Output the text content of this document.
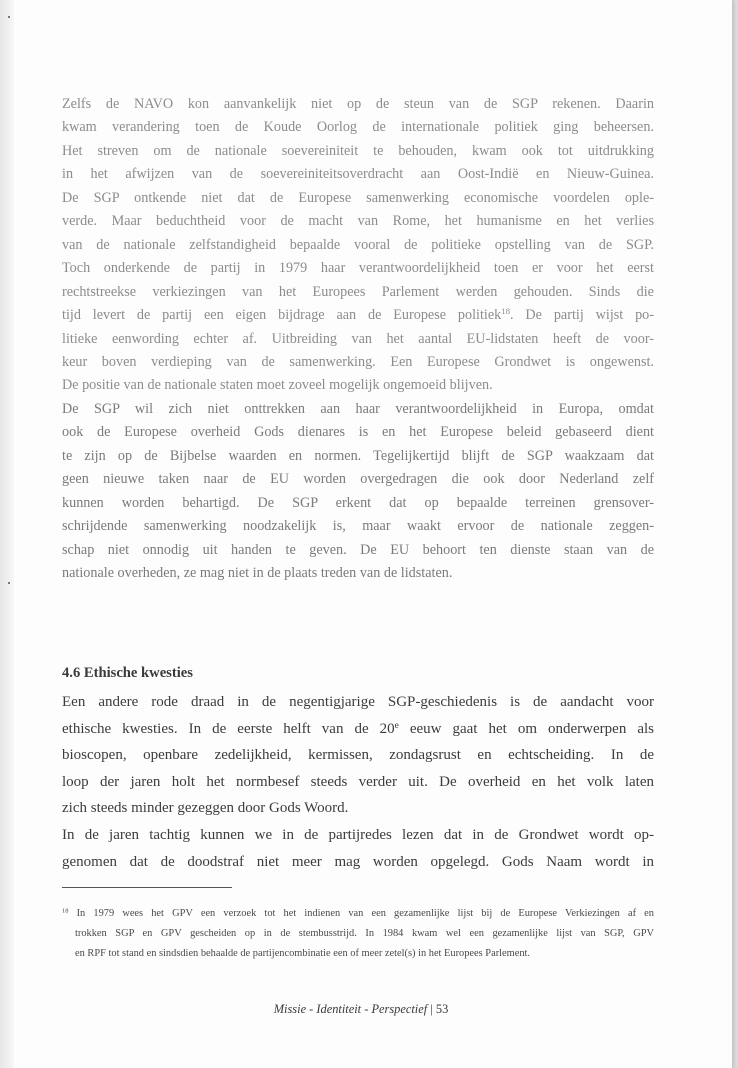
Zelfs de NAVO kon aanvankelijk niet op de steun van de SGP rekenen. Daarin
kwam verandering toen de Koude Oorlog de internationale politiek ging beheersen.
Het streven om de nationale soevereiniteit te behouden, kwam ook tot uitdrukking
in het afwijzen van de soevereiniteitsoverdracht aan Oost-Indië en Nieuw-Guinea.
De SGP ontkende niet dat de Europese samenwerking economische voordelen ople-
verde. Maar beduchtheid voor de macht van Rome, het humanisme en het verlies
van de nationale zelfstandigheid bepaalde vooral de politieke opstelling van de SGP.
Toch onderkende de partij in 1979 haar verantwoordelijkheid toen er voor het eerst
rechtstreekse verkiezingen van het Europees Parlement werden gehouden. Sinds die
tijd levert de partij een eigen bijdrage aan de Europese politiek$^{18}$. De partij wijst po-
litieke eenwording echter af. Uitbreiding van het aantal EU-lidstaten heeft de voor-
keur boven verdieping van de samenwerking. Een Europese Grondwet is ongewenst.
De positie van de nationale staten moet zoveel mogelijk ongemoeid blijven.
De SGP wil zich niet onttrekken aan haar verantwoordelijkheid in Europa, omdat
ook de Europese overheid Gods dienares is en het Europese beleid gebaseerd dient
te zijn op de Bijbelse waarden en normen. Tegelijkertijd blijft de SGP waakzaam dat
geen nieuwe taken naar de EU worden overgedragen die ook door Nederland zelf
kunnen worden behartigd. De SGP erkent dat op bepaalde terreinen grensover-
schrijdende samenwerking noodzakelijk is, maar waakt ervoor de nationale zeggen-
schap niet onnodig uit handen te geven. De EU behoort ten dienste staan van de
nationale overheden, ze mag niet in de plaats treden van de lidstaten.
4.6 Ethische kwesties
Een andere rode draad in de negentigjarige SGP-geschiedenis is de aandacht voor
ethische kwesties. In de eerste helft van de 20e eeuw gaat het om onderwerpen als
bioscopen, openbare zedelijkheid, kermissen, zondagsrust en echtscheiding. In de
loop der jaren holt het normbesef steeds verder uit. De overheid en het volk laten
zich steeds minder gezeggen door Gods Woord.
In de jaren tachtig kunnen we in de partijredes lezen dat in de Grondwet wordt op-
genomen dat de doodstraf niet meer mag worden opgelegd. Gods Naam wordt in
$^{18}$ In 1979 wees het GPV een verzoek tot het indienen van een gezamenlijke lijst bij de Europese Verkiezingen af en
trokken SGP en GPV gescheiden op in de stembusstrijd. In 1984 kwam wel een gezamenlijke lijst van SGP, GPV
en RPF tot stand en sindsdien behaalde de partijencombinatie een of meer zetel(s) in het Europees Parlement.
Missie - Identiteit - Perspectief | 53
